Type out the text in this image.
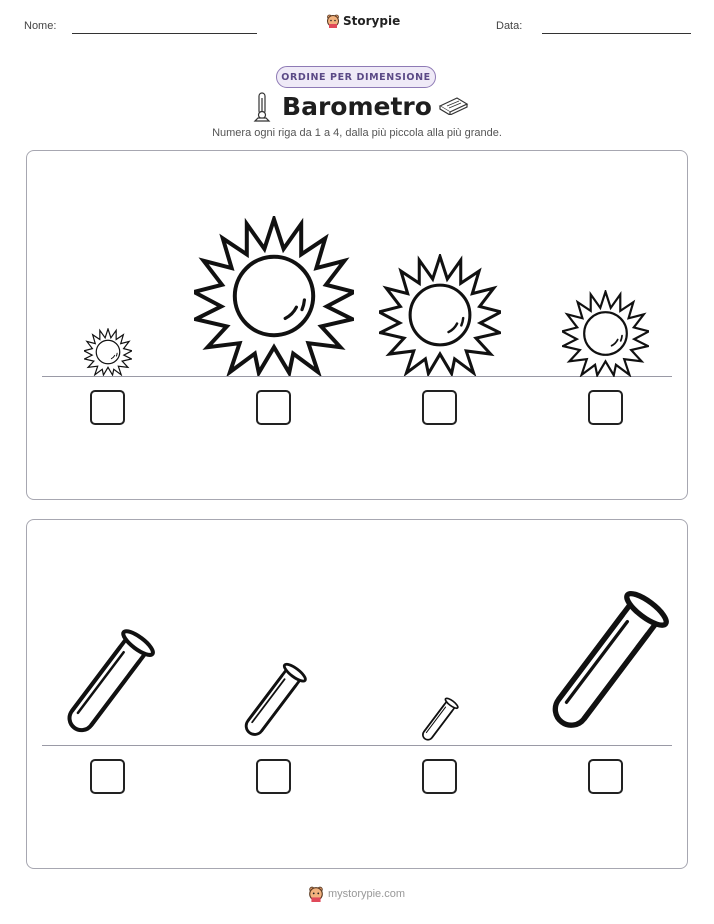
Nome:	Storypie	Data:
ORDINE PER DIMENSIONE
Barometro
Numera ogni riga da 1 a 4, dalla più piccola alla più grande.
mystorypie.com
